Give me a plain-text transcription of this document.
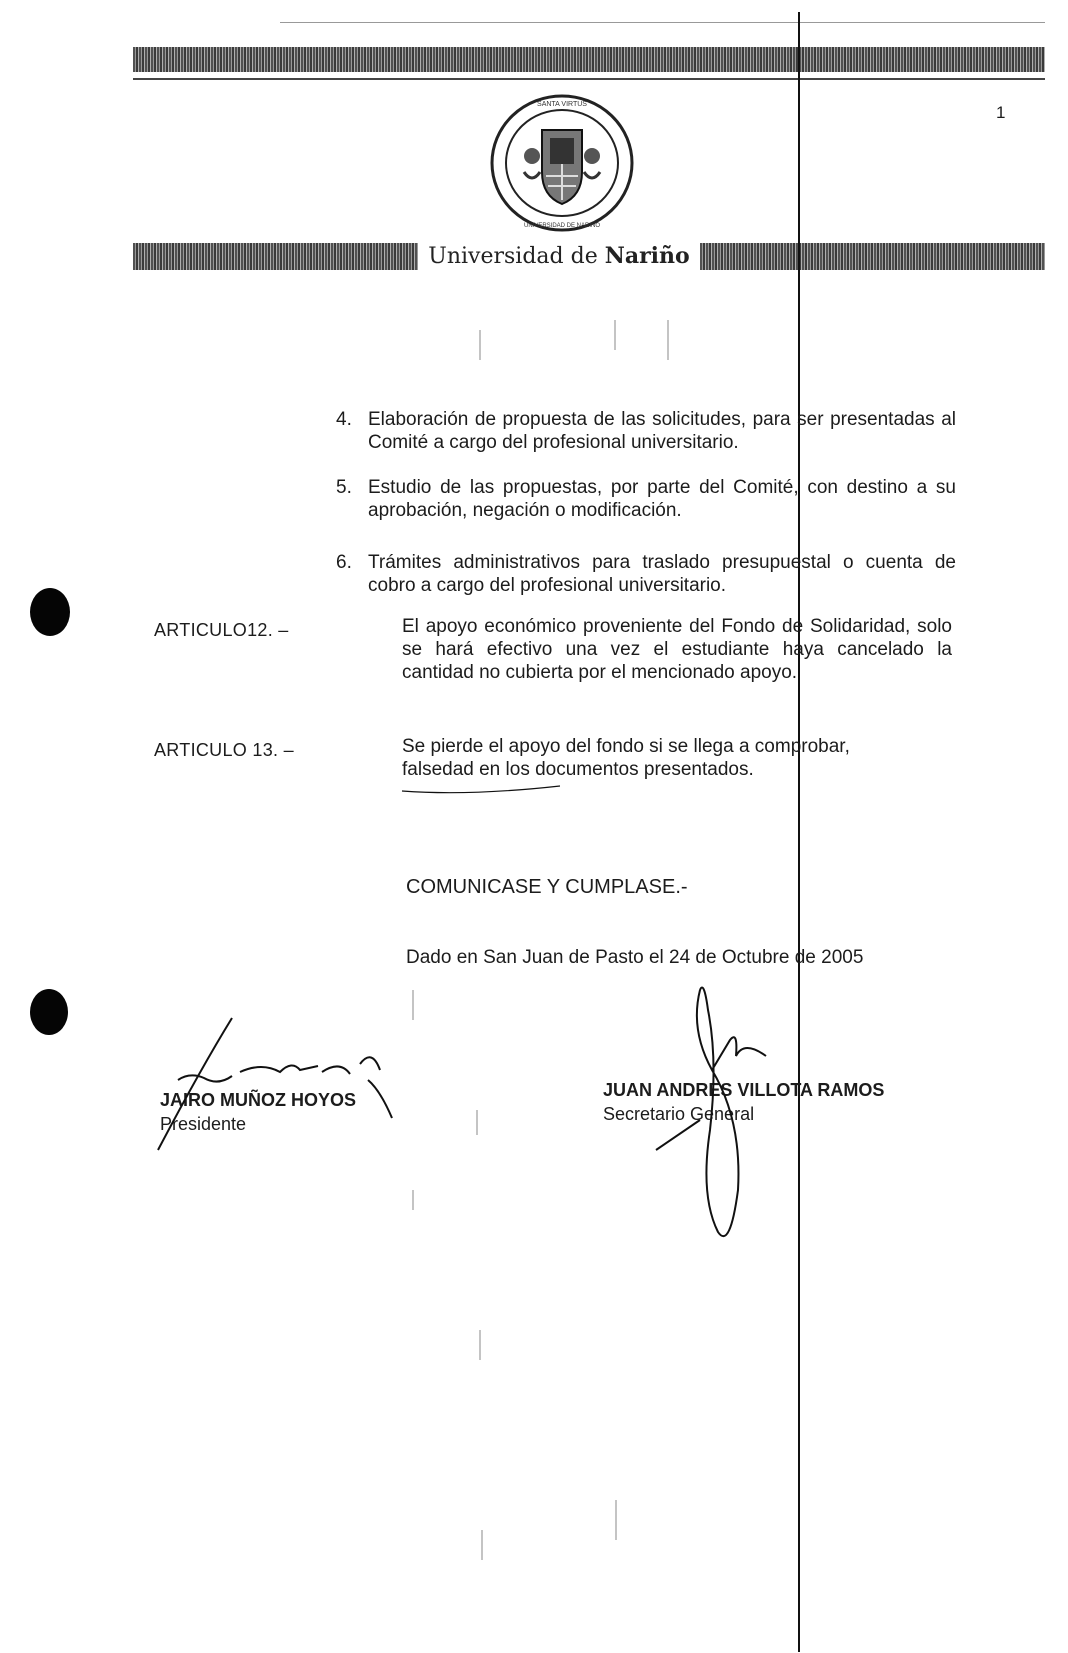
1
SANTA VIRTUS
UNIVERSIDAD DE NARIÑO
Universidad de Nariño
4. Elaboración de propuesta de las solicitudes, para ser presentadas al Comité a cargo del profesional universitario.
5. Estudio de las propuestas, por parte del Comité, con destino a su aprobación, negación o modificación.
6. Trámites administrativos para traslado presupuestal o cuenta de cobro a cargo del profesional universitario.
ARTICULO12. –	El apoyo económico proveniente del Fondo de Solidaridad, solo se hará efectivo una vez el estudiante haya cancelado la cantidad no cubierta por el mencionado apoyo.
ARTICULO 13. –	Se pierde el apoyo del fondo si se llega a comprobar, falsedad en los documentos presentados.
COMUNICASE Y CUMPLASE.-
Dado en San Juan de Pasto el 24 de Octubre de 2005
JAIRO MUÑOZ HOYOS
Presidente
JUAN ANDRES VILLOTA RAMOS
Secretario General
